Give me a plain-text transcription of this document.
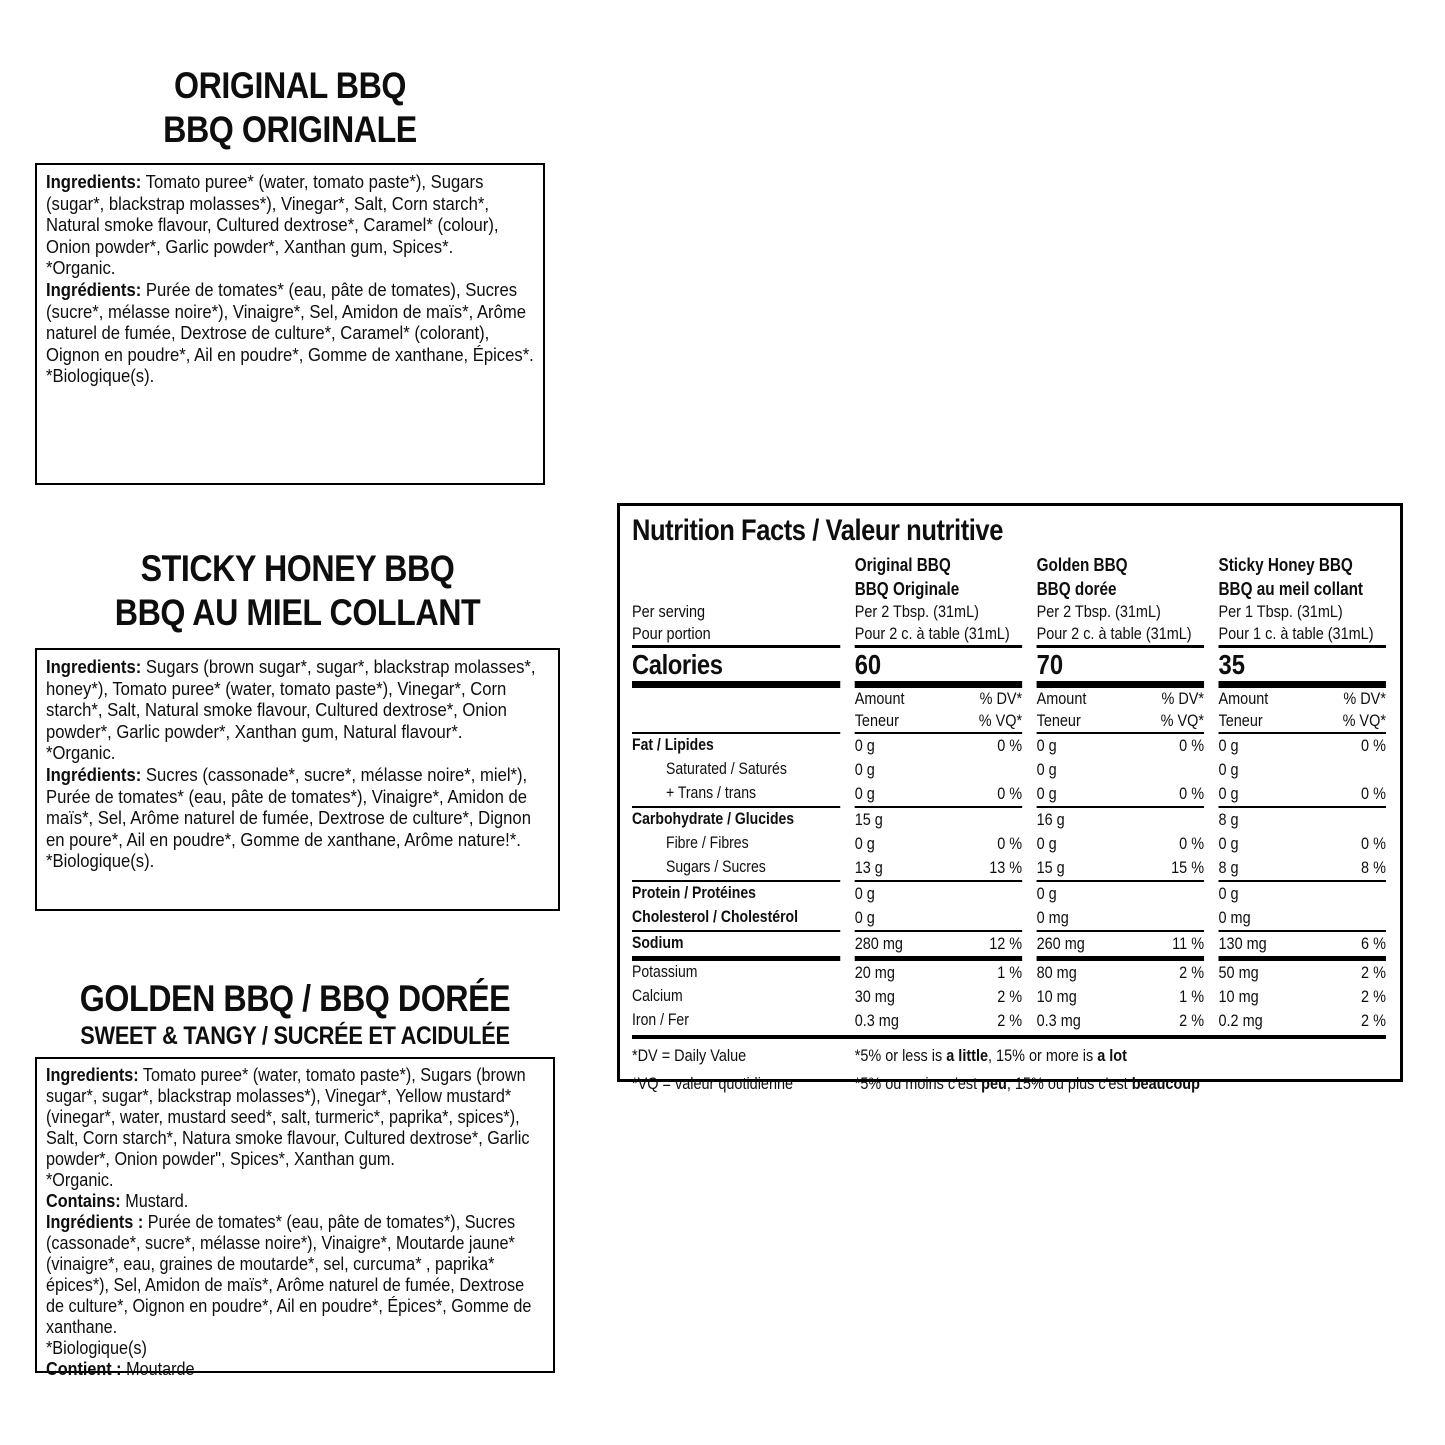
ORIGINAL BBQ
BBQ ORIGINALE

Ingredients: Tomato puree* (water, tomato paste*), Sugars (sugar*, blackstrap molasses*), Vinegar*, Salt, Corn starch*, Natural smoke flavour, Cultured dextrose*, Caramel* (colour), Onion powder*, Garlic powder*, Xanthan gum, Spices*.

*Organic.

Ingrédients: Purée de tomates* (eau, pâte de tomates), Sucres (sucre*, mélasse noire*), Vinaigre*, Sel, Amidon de maïs*, Arôme naturel de fumée, Dextrose de culture*, Caramel* (colorant), Oignon en poudre*, Ail en poudre*, Gomme de xanthane, Épices*.

*Biologique(s).

STICKY HONEY BBQ
BBQ AU MIEL COLLANT

Ingredients: Sugars (brown sugar*, sugar*, blackstrap molasses*, honey*), Tomato puree* (water, tomato paste*), Vinegar*, Corn starch*, Salt, Natural smoke flavour, Cultured dextrose*, Onion powder*, Garlic powder*, Xanthan gum, Natural flavour*.

*Organic.

Ingrédients: Sucres (cassonade*, sucre*, mélasse noire*, miel*), Purée de tomates* (eau, pâte de tomates*), Vinaigre*, Amidon de maïs*, Sel, Arôme naturel de fumée, Dextrose de culture*, Dignon en poure*, Ail en poudre*, Gomme de xanthane, Arôme nature!*.

*Biologique(s).

GOLDEN BBQ / BBQ DORÉE
SWEET & TANGY / SUCRÉE ET ACIDULÉE

Ingredients: Tomato puree* (water, tomato paste*), Sugars (brown sugar*, sugar*, blackstrap molasses*), Vinegar*, Yellow mustard* (vinegar*, water, mustard seed*, salt, turmeric*, paprika*, spices*), Salt, Corn starch*, Natura smoke flavour, Cultured dextrose*, Garlic powder*, Onion powder", Spices*, Xanthan gum.

*Organic.

Contains: Mustard.

Ingrédients : Purée de tomates* (eau, pâte de tomates*), Sucres (cassonade*, sucre*, mélasse noire*), Vinaigre*, Moutarde jaune* (vinaigre*, eau, graines de moutarde*, sel, curcuma* , paprika* épices*), Sel, Amidon de maïs*, Arôme naturel de fumée, Dextrose de culture*, Oignon en poudre*, Ail en poudre*, Épices*, Gomme de xanthane.

*Biologique(s)

Contient : Moutarde

Nutrition Facts / Valeur nutritive
Original BBQ	Golden BBQ	Sticky Honey BBQ
BBQ Originale	BBQ dorée	BBQ au meil collant
Per serving	Per 2 Tbsp. (31mL)	Per 2 Tbsp. (31mL)	Per 1 Tbsp. (31mL)
Pour portion	Pour 2 c. à table (31mL)	Pour 2 c. à table (31mL)	Pour 1 c. à table (31mL)
Calories	60	70	35
Amount	% DV* Amount	% DV* Amount	% DV*
Teneur	% VQ* Teneur	% VQ* Teneur	% VQ*
Fat / Lipides	0 g	0 % 0 g	0 % 0 g	0 %
Saturated / Saturés	0 g	0 g	0 g
+ Trans / trans	0 g	0 % 0 g	0 % 0 g	0 %
Carbohydrate / Glucides	15 g	16 g	8 g
Fibre / Fibres	0 g	0 % 0 g	0 % 0 g	0 %
Sugars / Sucres	13 g	13 % 15 g	15 % 8 g	8 %
Protein / Protéines	0 g	0 g	0 g
Cholesterol / Cholestérol	0 g	0 mg	0 mg
Sodium	280 mg	12 % 260 mg	11 % 130 mg	6 %
Potassium	20 mg	1 % 80 mg	2 % 50 mg	2 %
Calcium	30 mg	2 % 10 mg	1 % 10 mg	2 %
Iron / Fer	0.3 mg	2 % 0.3 mg	2 % 0.2 mg	2 %
*DV = Daily Value	*5% or less is a little, 15% or more is a lot
*VQ = valeur quotidienne	*5% ou moins c'est peu, 15% ou plus c'est beaucoup
